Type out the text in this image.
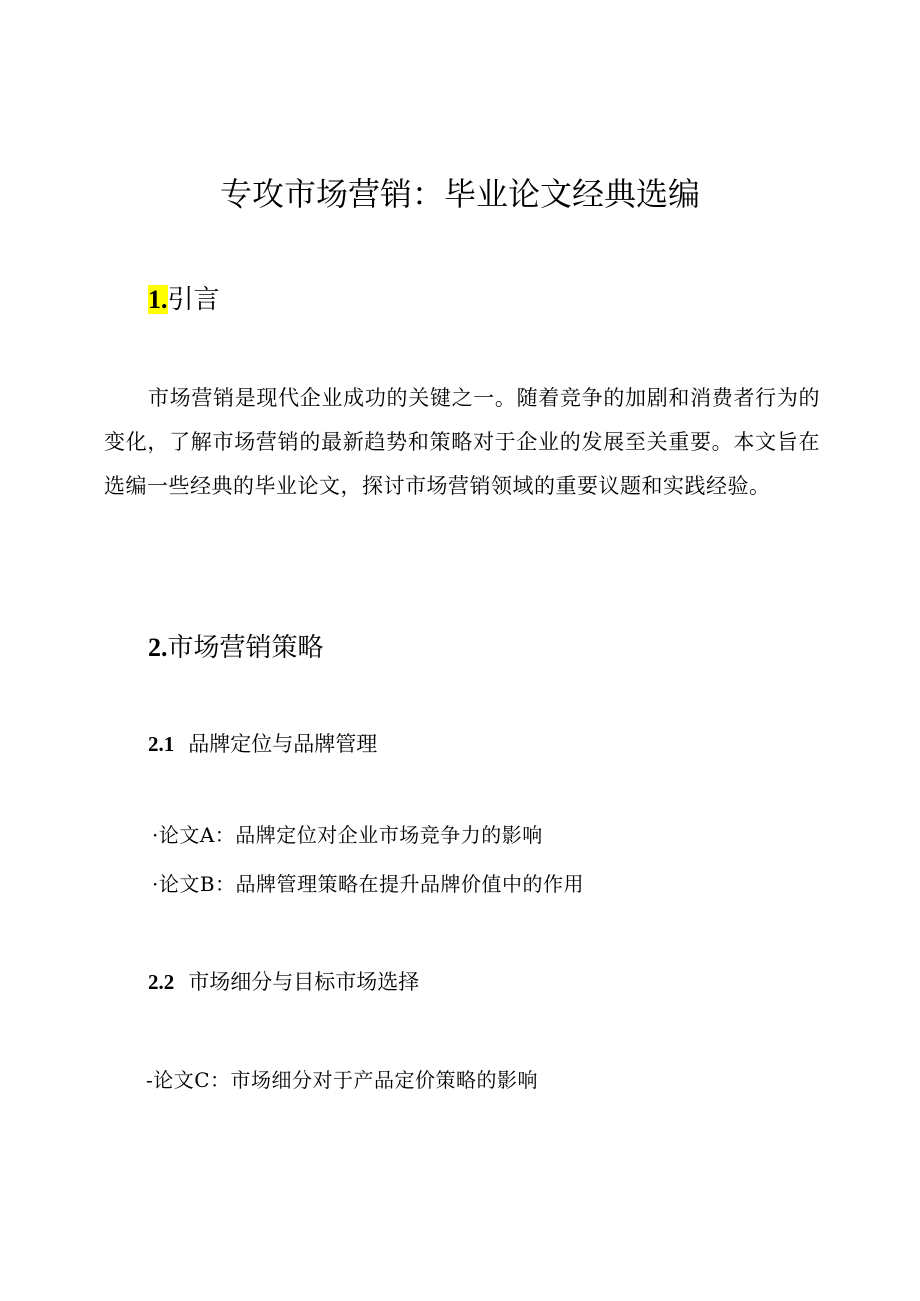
专攻市场营销：毕业论文经典选编
1.引言

市场营销是现代企业成功的关键之一。随着竞争的加剧和消费者行为的变化，了解市场营销的最新趋势和策略对于企业的发展至关重要。本文旨在选编一些经典的毕业论文，探讨市场营销领域的重要议题和实践经验。

2.市场营销策略
2.1 品牌定位与品牌管理

·论文A：品牌定位对企业市场竞争力的影响

·论文B：品牌管理策略在提升品牌价值中的作用

2.2 市场细分与目标市场选择

-论文C：市场细分对于产品定价策略的影响
